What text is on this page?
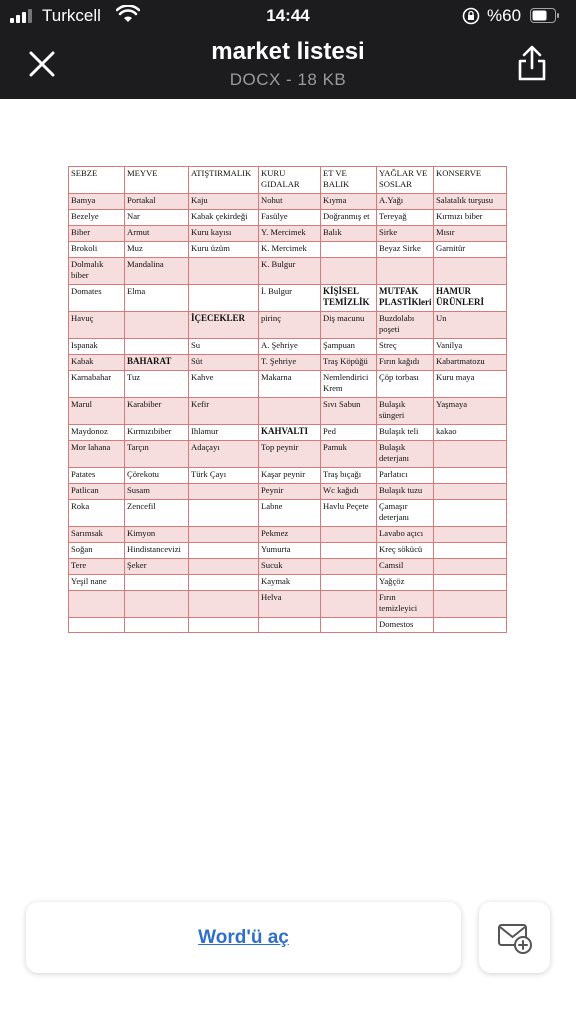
Turkcell	14:44	%60
market listesi
DOCX - 18 KB
SEBZE	MEYVE	ATIŞTIRMALIK	KURU GIDALAR	ET VE BALIK	YAĞLAR VE SOSLAR	KONSERVE
Bamya	Portakal	Kaju	Nohut	Kıyma	A.Yağı	Salatalık turşusu
Bezelye	Nar	Kabak çekirdeği	Fasülye	Doğranmış et	Tereyağ	Kırmızı biber
Biber	Armut	Kuru kayısı	Y. Mercimek	Balık	Sirke	Mısır
Brokoli	Muz	Kuru üzüm	K. Mercimek		Beyaz Sirke	Garnitür
Dolmalık biber	Mandalina		K. Bulgur			
Domates	Elma		İ. Bulgur	KİŞİSEL TEMİZLİK	MUTFAK PLASTİKleri	HAMUR ÜRÜNLERİ
Havuç		İÇECEKLER	pirinç	Diş macunu	Buzdolabı poşeti	Un
Ispanak		Su	A. Şehriye	Şampuan	Streç	Vanilya
Kabak	BAHARAT	Süt	T. Şehriye	Traş Köpüğü	Fırın kağıdı	Kabartmatozu
Karnabahar	Tuz	Kahve	Makarna	Nemlendirici Krem	Çöp torbası	Kuru maya
Marul	Karabiber	Kefir		Sıvı Sabun	Bulaşık süngeri	Yaşmaya
Maydonoz	Kırmızıbiber	Ihlamur	KAHVALTI	Ped	Bulaşık teli	kakao
Mor lahana	Tarçın	Adaçayı	Top peynir	Pamuk	Bulaşık deterjanı	
Patates	Çörekotu	Türk Çayı	Kaşar peynir	Traş bıçağı	Parlatıcı	
Patlican	Susam		Peynir	Wc kağıdı	Bulaşık tuzu	
Roka	Zencefil		Labne	Havlu Peçete	Çamaşır deterjanı	
Sarımsak	Kimyon		Pekmez		Lavabo açıcı	
Soğan	Hindistancevizi		Yumurta		Kreç sökücü	
Tere	Şeker		Sucuk		Camsil	
Yeşil nane			Kaymak		Yağçöz	
			Helva		Fırın temizleyici	
					Domestos	
Word'ü aç
